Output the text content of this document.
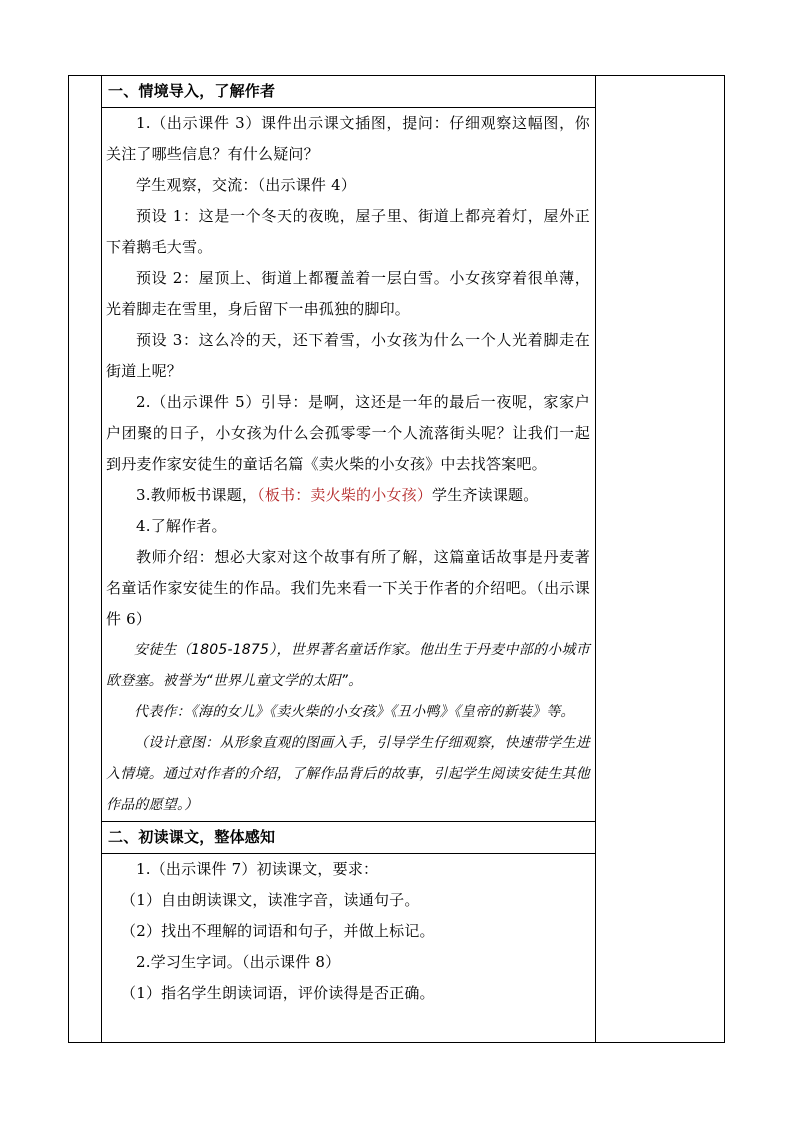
一、情境导入，了解作者

1.（出示课件 3）课件出示课文插图，提问：仔细观察这幅图，你关注了哪些信息？有什么疑问？

学生观察，交流：（出示课件 4）

预设 1：这是一个冬天的夜晚，屋子里、街道上都亮着灯，屋外正下着鹅毛大雪。

预设 2：屋顶上、街道上都覆盖着一层白雪。小女孩穿着很单薄，光着脚走在雪里，身后留下一串孤独的脚印。

预设 3：这么冷的天，还下着雪，小女孩为什么一个人光着脚走在街道上呢？

2.（出示课件 5）引导：是啊，这还是一年的最后一夜呢，家家户户团聚的日子，小女孩为什么会孤零零一个人流落街头呢？让我们一起到丹麦作家安徒生的童话名篇《卖火柴的小女孩》中去找答案吧。

3.教师板书课题，（板书：卖火柴的小女孩）学生齐读课题。

4.了解作者。

教师介绍：想必大家对这个故事有所了解，这篇童话故事是丹麦著名童话作家安徒生的作品。我们先来看一下关于作者的介绍吧。（出示课件 6）

安徒生（1805-1875），世界著名童话作家。他出生于丹麦中部的小城市欧登塞。被誉为“世界儿童文学的太阳”。

代表作：《海的女儿》《卖火柴的小女孩》《丑小鸭》《皇帝的新装》等。

（设计意图：从形象直观的图画入手，引导学生仔细观察，快速带学生进入情境。通过对作者的介绍，了解作品背后的故事，引起学生阅读安徒生其他作品的愿望。）

二、初读课文，整体感知

1.（出示课件 7）初读课文，要求：

（1）自由朗读课文，读准字音，读通句子。

（2）找出不理解的词语和句子，并做上标记。

2.学习生字词。（出示课件 8）

（1）指名学生朗读词语，评价读得是否正确。
